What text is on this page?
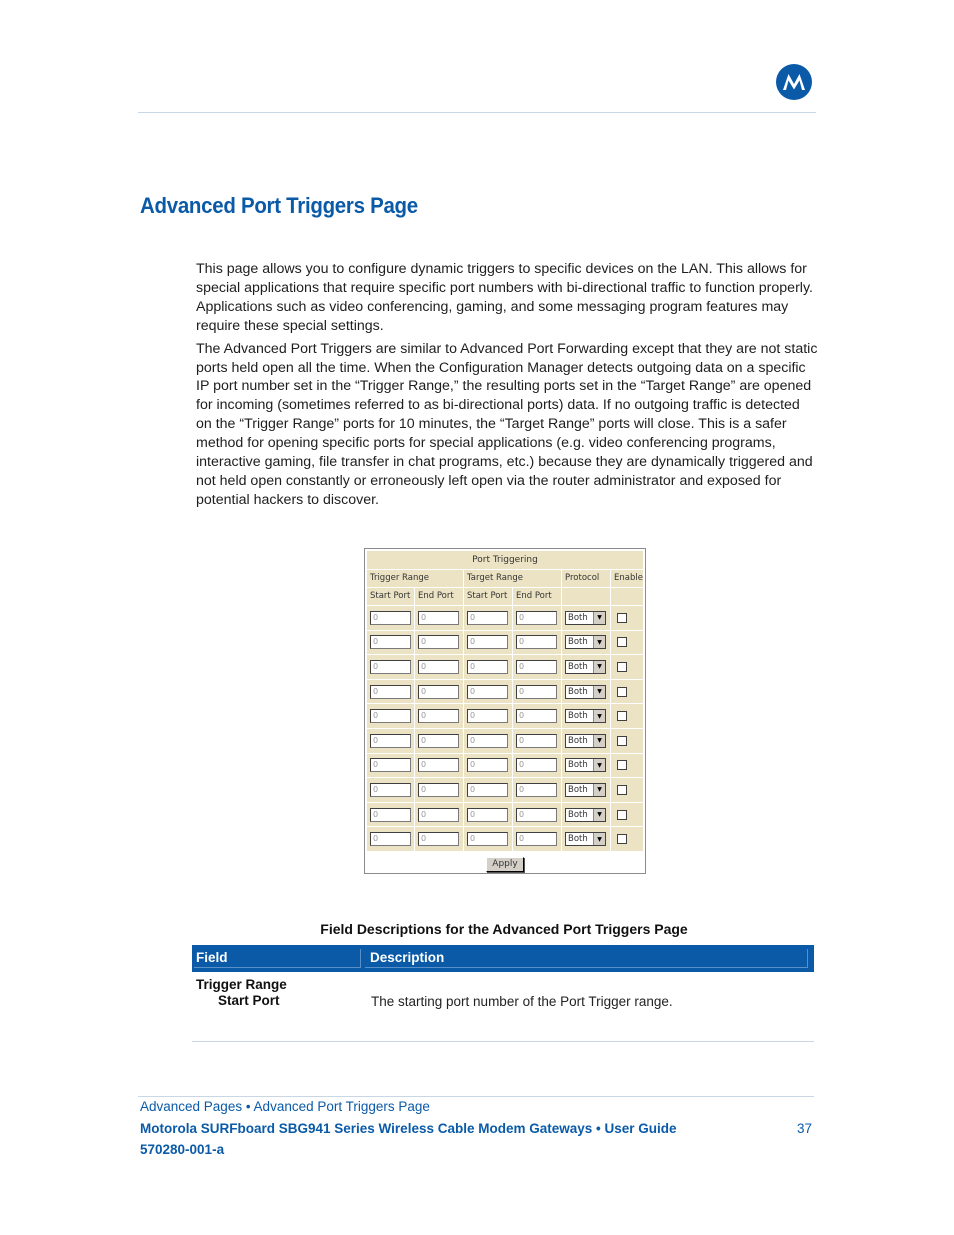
Advanced Port Triggers Page

This page allows you to configure dynamic triggers to specific devices on the LAN. This allows for special applications that require specific port numbers with bi-directional traffic to function properly. Applications such as video conferencing, gaming, and some messaging program features may require these special settings.

The Advanced Port Triggers are similar to Advanced Port Forwarding except that they are not static ports held open all the time. When the Configuration Manager detects outgoing data on a specific IP port number set in the “Trigger Range,” the resulting ports set in the “Target Range” are opened for incoming (sometimes referred to as bi-directional ports) data. If no outgoing traffic is detected on the “Trigger Range” ports for 10 minutes, the “Target Range” ports will close. This is a safer method for opening specific ports for special applications (e.g. video conferencing programs, interactive gaming, file transfer in chat programs, etc.) because they are dynamically triggered and not held open constantly or erroneously left open via the router administrator and exposed for potential hackers to discover.

Port Triggering
Trigger Range	Target Range	Protocol	Enable
Start Port End Port	Start Port	End Port
0	0	0	0	Both	▼
0	0	0	0	Both	▼
0	0	0	0	Both	▼
0	0	0	0	Both	▼
0	0	0	0	Both	▼
0	0	0	0	Both	▼
0	0	0	0	Both	▼
0	0	0	0	Both	▼
0	0	0	0	Both	▼
0	0	0	0	Both	▼
Apply
Field Descriptions for the Advanced Port Triggers Page
Field	Description
Trigger Range
Start Port	The starting port number of the Port Trigger range.
Advanced Pages • Advanced Port Triggers Page
Motorola SURFboard SBG941 Series Wireless Cable Modem Gateways • User Guide
570280-001-a
37
